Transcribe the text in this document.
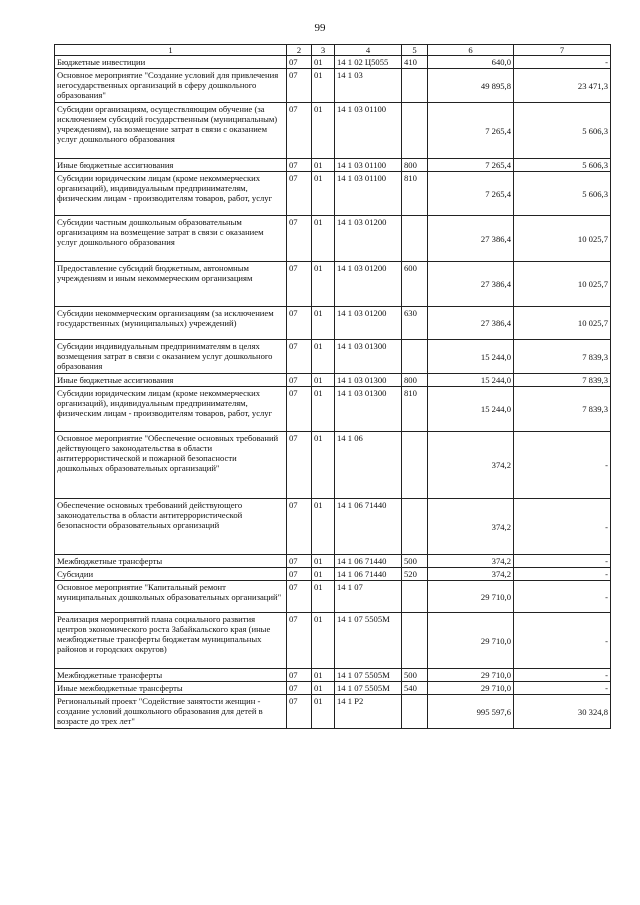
99
1	2	3	4	5	6	7
Бюджетные инвестиции	07	01	14 1 02 Ц5055	410	640,0	-
Основное мероприятие "Создание условий для привлечения негосударственных организаций в сферу дошкольного образования"	07	01	14 1 03		49 895,8	23 471,3
Субсидии организациям, осуществляющим обучение (за исключением субсидий государственным (муниципальным) учреждениям), на возмещение затрат в связи с оказанием услуг дошкольного образования	07	01	14 1 03 01100		7 265,4	5 606,3
Иные бюджетные ассигнования	07	01	14 1 03 01100	800	7 265,4	5 606,3
Субсидии юридическим лицам (кроме некоммерческих организаций), индивидуальным предпринимателям, физическим лицам - производителям товаров, работ, услуг	07	01	14 1 03 01100	810	7 265,4	5 606,3
Субсидии частным дошкольным образовательным организациям на возмещение затрат в связи с оказанием услуг дошкольного образования	07	01	14 1 03 01200		27 386,4	10 025,7
Предоставление субсидий бюджетным, автономным учреждениям и иным некоммерческим организациям	07	01	14 1 03 01200	600	27 386,4	10 025,7
Субсидии некоммерческим организациям (за исключением государственных (муниципальных) учреждений)	07	01	14 1 03 01200	630	27 386,4	10 025,7
Субсидии индивидуальным предпринимателям в целях возмещения затрат в связи с оказанием услуг дошкольного образования	07	01	14 1 03 01300		15 244,0	7 839,3
Иные бюджетные ассигнования	07	01	14 1 03 01300	800	15 244,0	7 839,3
Субсидии юридическим лицам (кроме некоммерческих организаций), индивидуальным предпринимателям, физическим лицам - производителям товаров, работ, услуг	07	01	14 1 03 01300	810	15 244,0	7 839,3
Основное мероприятие "Обеспечение основных требований действующего законодательства в области антитеррористической и пожарной безопасности дошкольных образовательных организаций"	07	01	14 1 06		374,2	-
Обеспечение основных требований действующего законодательства в области антитеррористической безопасности образовательных организаций	07	01	14 1 06 71440		374,2	-
Межбюджетные трансферты	07	01	14 1 06 71440	500	374,2	-
Субсидии	07	01	14 1 06 71440	520	374,2	-
Основное мероприятие "Капитальный ремонт муниципальных дошкольных образовательных организаций"	07	01	14 1 07		29 710,0	-
Реализация мероприятий плана социального развития центров экономического роста Забайкальского края (иные межбюджетные трансферты бюджетам муниципальных районов и городских округов)	07	01	14 1 07 5505М		29 710,0	-
Межбюджетные трансферты	07	01	14 1 07 5505М	500	29 710,0	-
Иные межбюджетные трансферты	07	01	14 1 07 5505М	540	29 710,0	-
Региональный проект "Содействие занятости женщин - создание условий дошкольного образования для детей в возрасте до трех лет"	07	01	14 1 Р2		995 597,6	30 324,8
